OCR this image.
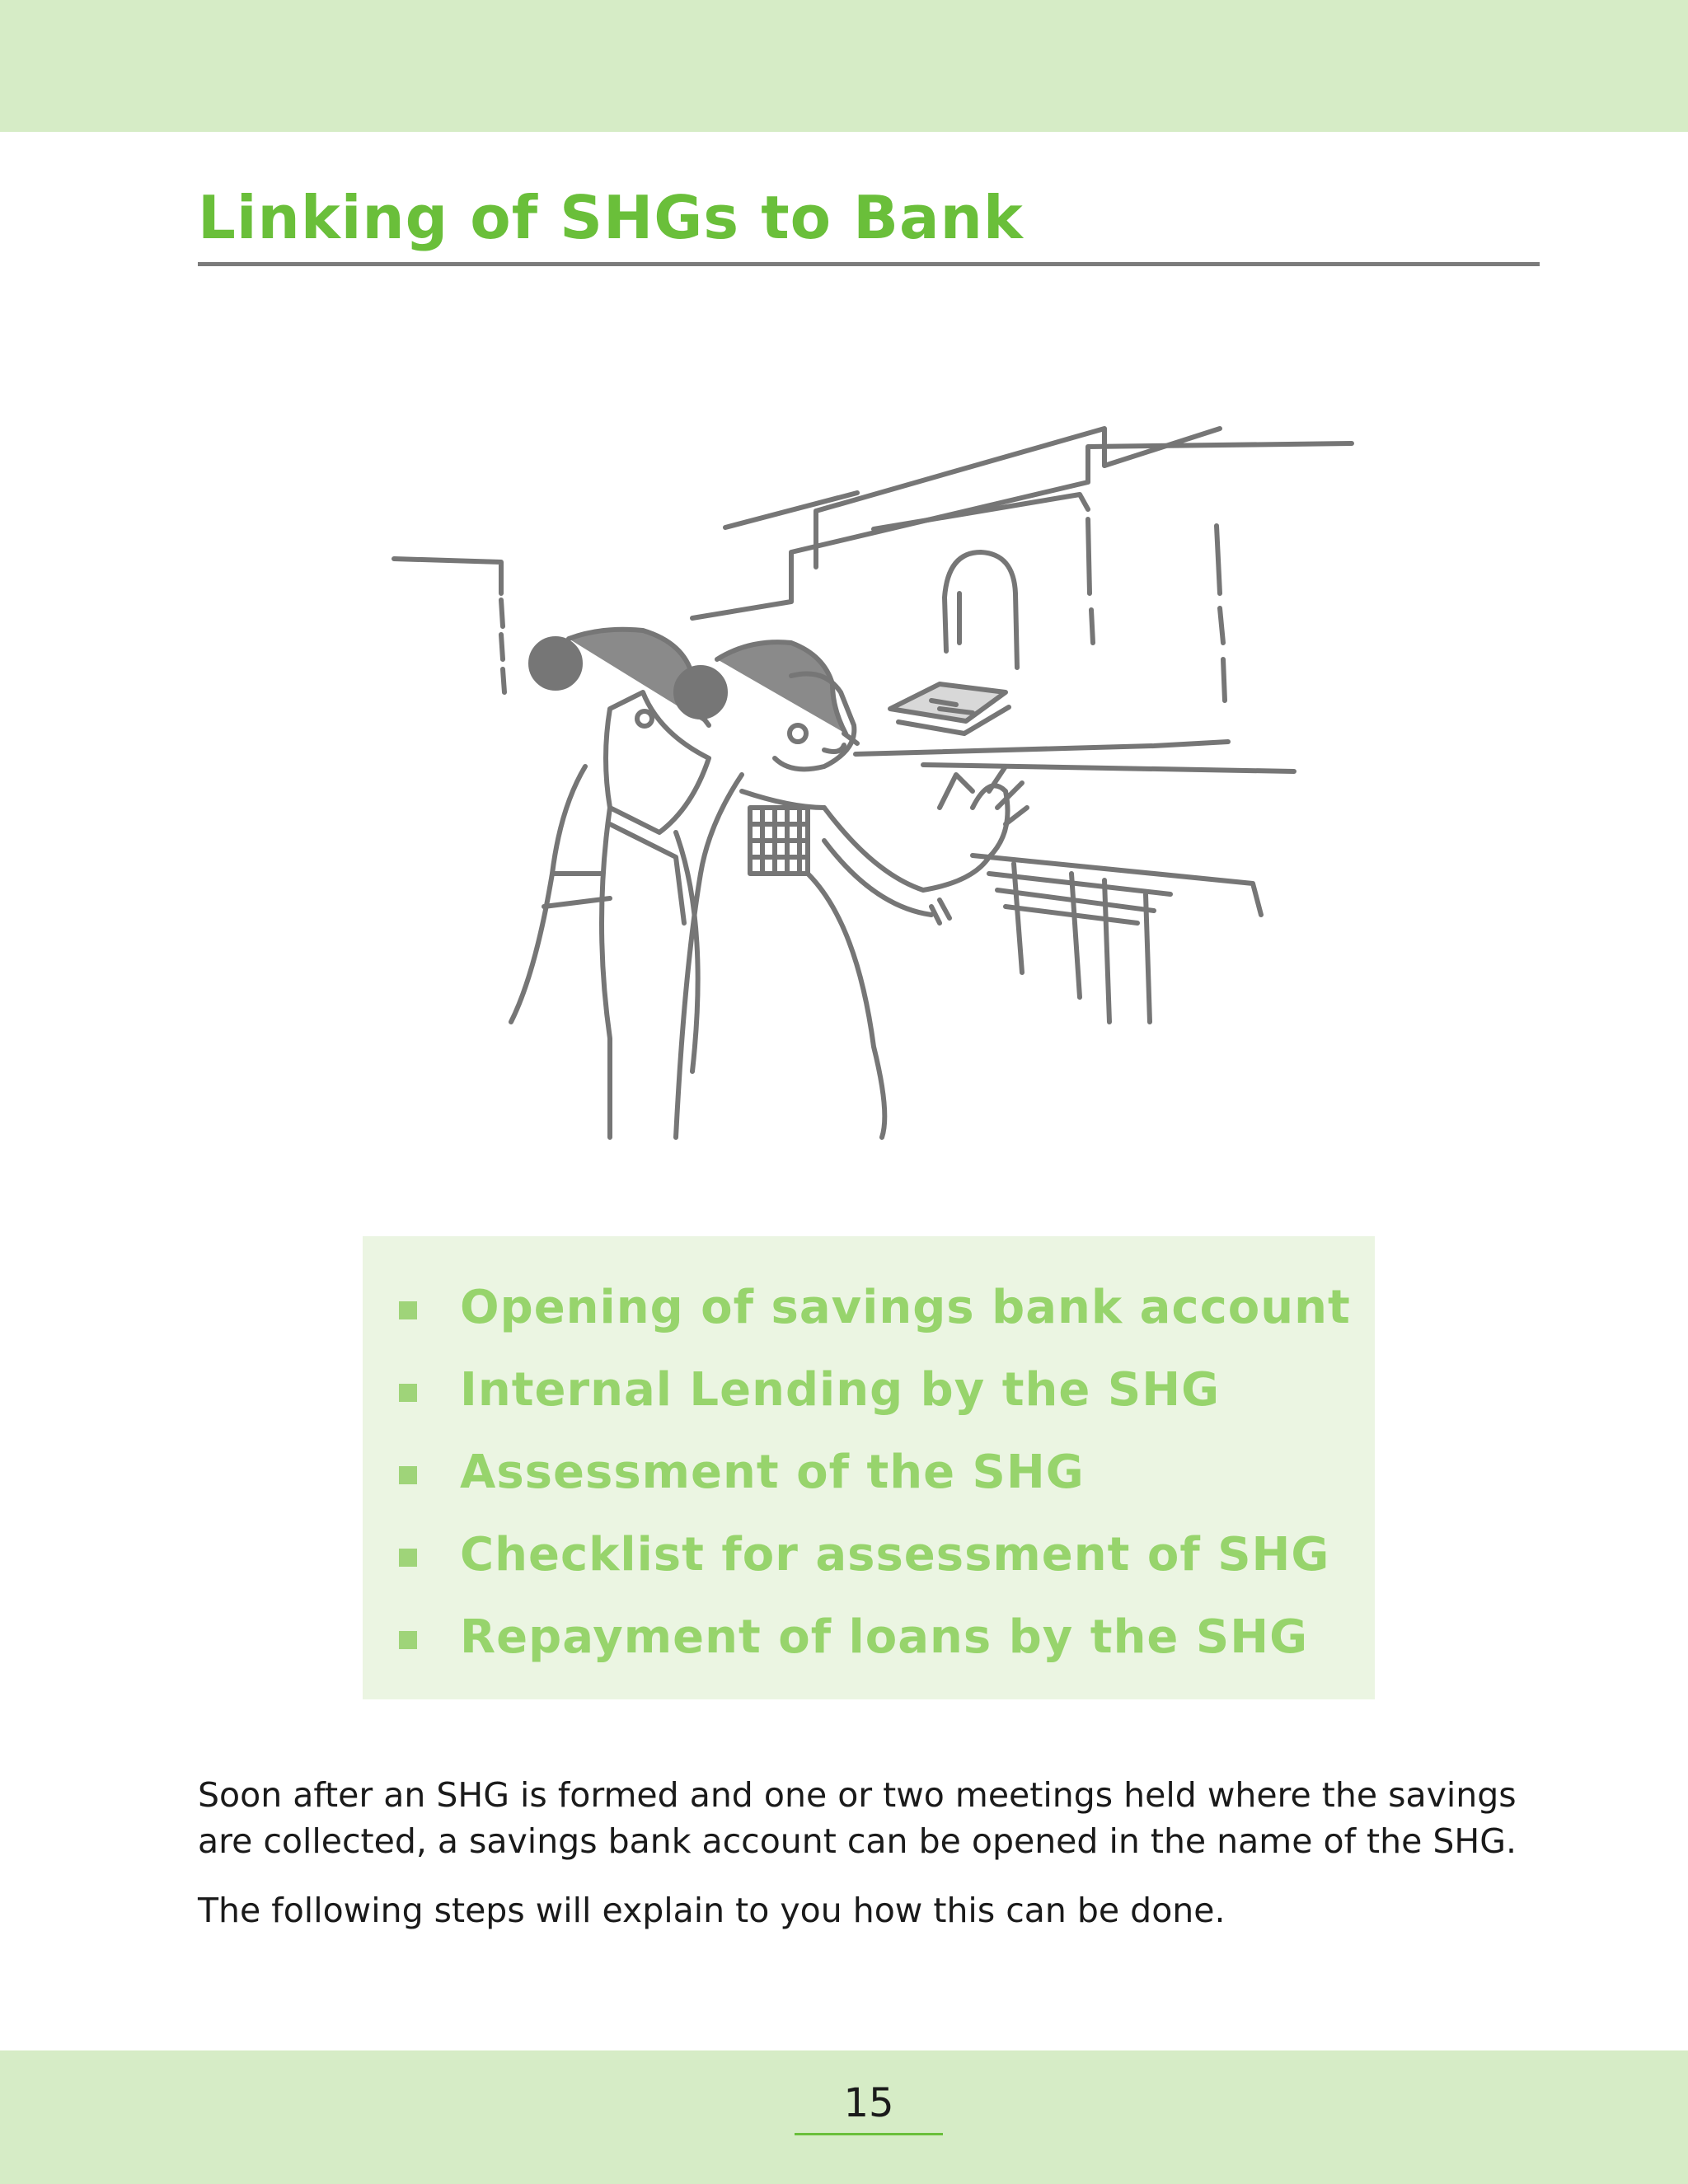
Linking of SHGs to Bank
Opening of savings bank account
Internal Lending by the SHG
Assessment of the SHG
Checklist for assessment of SHG
Repayment of loans by the SHG

Soon after an SHG is formed and one or two meetings held where the savings are collected, a savings bank account can be opened in the name of the SHG.

The following steps will explain to you how this can be done.

15
